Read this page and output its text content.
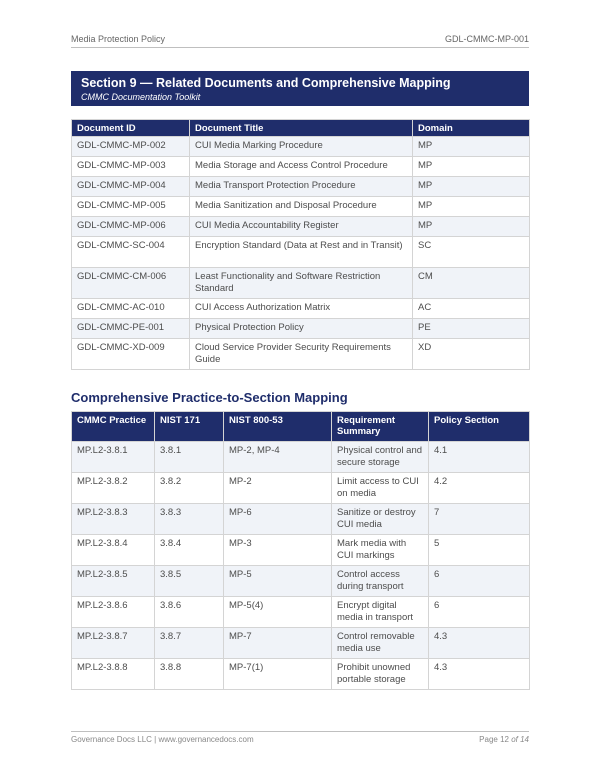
Media Protection Policy	GDL-CMMC-MP-001
Section 9 — Related Documents and Comprehensive Mapping
CMMC Documentation Toolkit
Document ID	Document Title	Domain
GDL-CMMC-MP-002	CUI Media Marking Procedure	MP
GDL-CMMC-MP-003	Media Storage and Access Control Procedure	MP
GDL-CMMC-MP-004	Media Transport Protection Procedure	MP
GDL-CMMC-MP-005	Media Sanitization and Disposal Procedure	MP
GDL-CMMC-MP-006	CUI Media Accountability Register	MP
GDL-CMMC-SC-004	Encryption Standard (Data at Rest and in Transit)	SC
GDL-CMMC-CM-006	Least Functionality and Software Restriction Standard	CM
GDL-CMMC-AC-010	CUI Access Authorization Matrix	AC
GDL-CMMC-PE-001	Physical Protection Policy	PE
GDL-CMMC-XD-009	Cloud Service Provider Security Requirements Guide	XD
Comprehensive Practice-to-Section Mapping
CMMC Practice	NIST 171	NIST 800-53	Requirement Summary	Policy Section
MP.L2-3.8.1	3.8.1	MP-2, MP-4	Physical control and secure storage	4.1
MP.L2-3.8.2	3.8.2	MP-2	Limit access to CUI on media	4.2
MP.L2-3.8.3	3.8.3	MP-6	Sanitize or destroy CUI media	7
MP.L2-3.8.4	3.8.4	MP-3	Mark media with CUI markings	5
MP.L2-3.8.5	3.8.5	MP-5	Control access during transport	6
MP.L2-3.8.6	3.8.6	MP-5(4)	Encrypt digital media in transport	6
MP.L2-3.8.7	3.8.7	MP-7	Control removable media use	4.3
MP.L2-3.8.8	3.8.8	MP-7(1)	Prohibit unowned portable storage	4.3
Governance Docs LLC | www.governancedocs.com	Page 12 of 14
